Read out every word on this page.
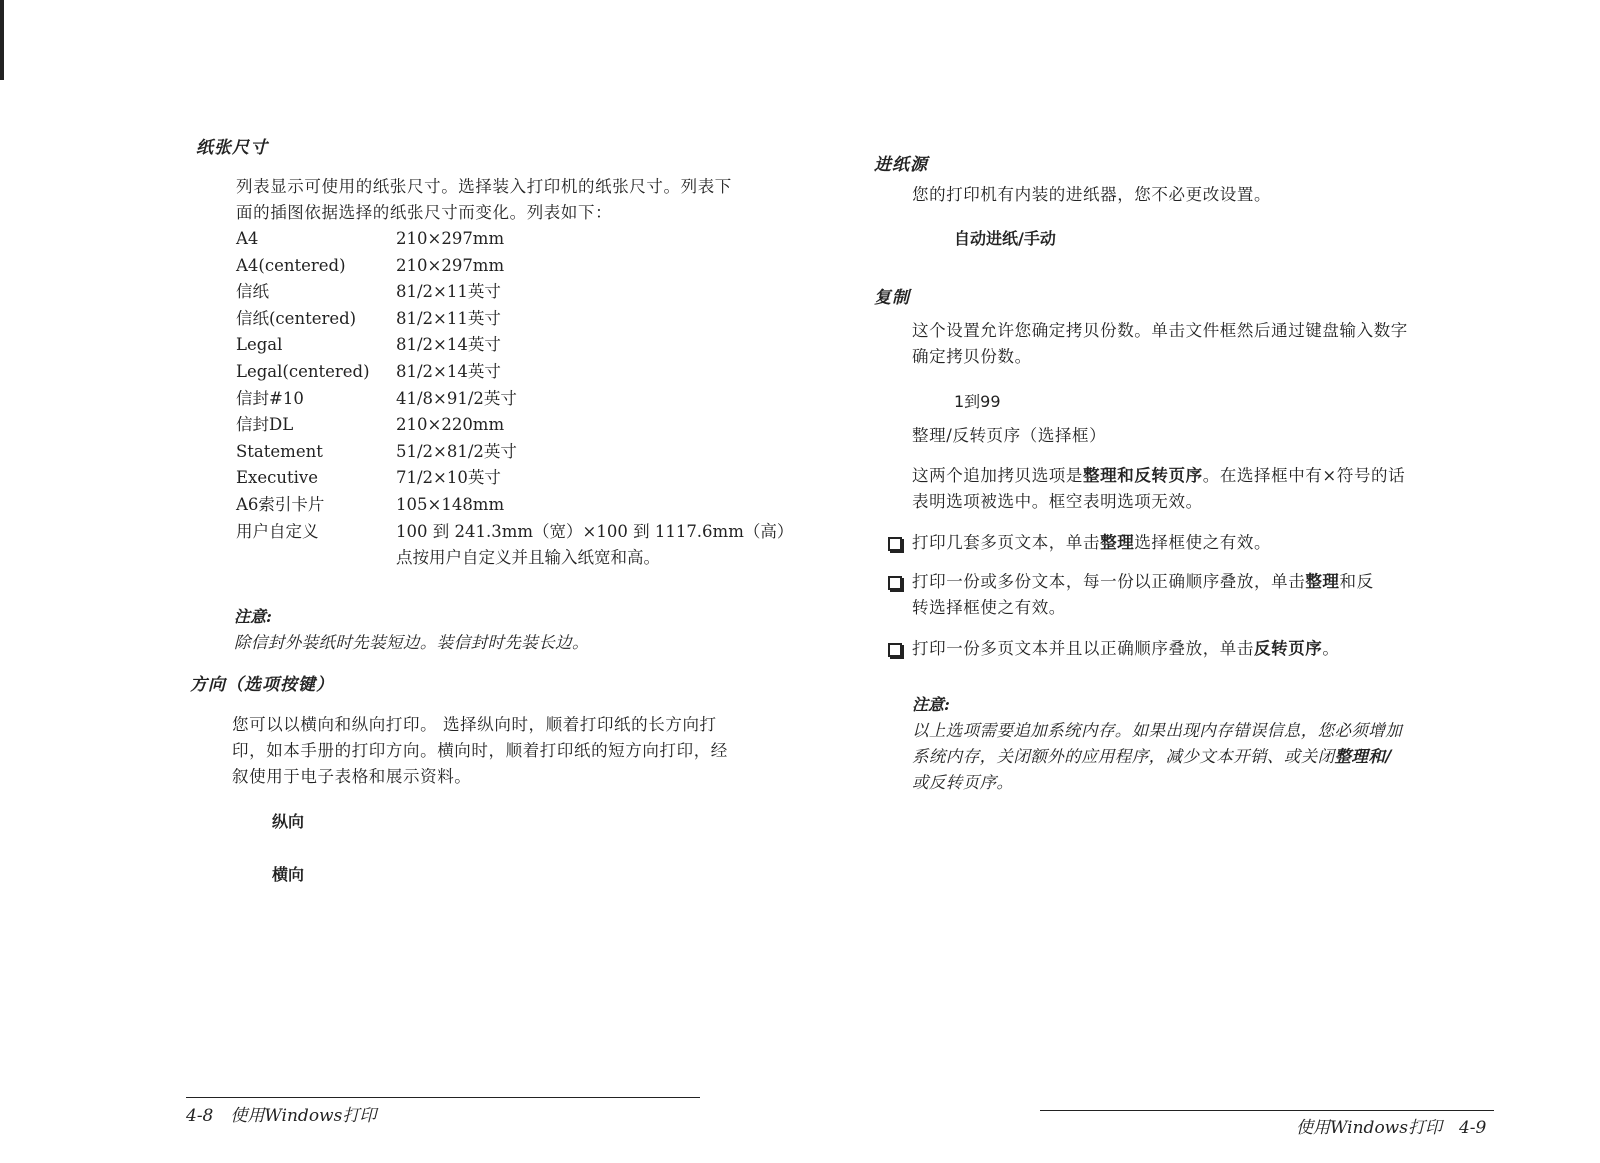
纸张尺寸
列表显示可使用的纸张尺寸。选择装入打印机的纸张尺寸。列表下
面的插图依据选择的纸张尺寸而变化。列表如下：
A4	210×297mm
A4(centered)	210×297mm
信纸	81/2×11英寸
信纸(centered)	81/2×11英寸
Legal	81/2×14英寸
Legal(centered)	81/2×14英寸
信封#10	41/8×91/2英寸
信封DL	210×220mm
Statement	51/2×81/2英寸
Executive	71/2×10英寸
A6索引卡片	105×148mm
用户自定义	100 到 241.3mm（宽）×100 到 1117.6mm（高）
点按用户自定义并且输入纸宽和高。
注意:
除信封外装纸时先装短边。装信封时先装长边。
方向（选项按键）
您可以以横向和纵向打印。 选择纵向时，顺着打印纸的长方向打
印，如本手册的打印方向。横向时，顺着打印纸的短方向打印，经
叙使用于电子表格和展示资料。
纵向
横向
4-8　使用Windows打印
进纸源
您的打印机有内装的进纸器，您不必更改设置。
自动进纸/手动
复制
这个设置允许您确定拷贝份数。单击文件框然后通过键盘输入数字
确定拷贝份数。
1到99
整理/反转页序（选择框）
这两个追加拷贝选项是整理和反转页序。在选择框中有×符号的话
表明选项被选中。框空表明选项无效。
打印几套多页文本，单击整理选择框使之有效。
打印一份或多份文本，每一份以正确顺序叠放，单击整理和反
转选择框使之有效。
打印一份多页文本并且以正确顺序叠放，单击反转页序。
注意:
以上选项需要追加系统内存。如果出现内存错误信息，您必须增加
系统内存，关闭额外的应用程序，减少文本开销、或关闭整理和/
或反转页序。
使用Windows打印　4-9
